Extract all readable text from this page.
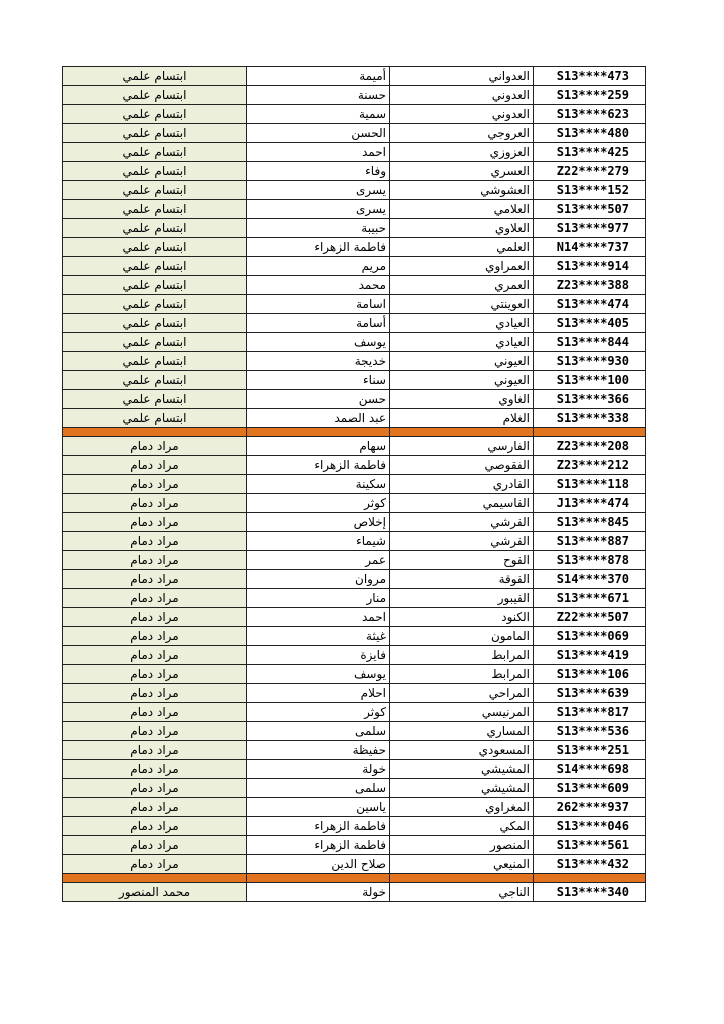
ابتسام علمي	أميمة	العدواني	S13****473
ابتسام علمي	حسنة	العدوني	S13****259
ابتسام علمي	سمية	العدوني	S13****623
ابتسام علمي	الحسن	العروجي	S13****480
ابتسام علمي	احمد	العزوزي	S13****425
ابتسام علمي	وفاء	العسري	Z22****279
ابتسام علمي	يسرى	العشوشي	S13****152
ابتسام علمي	يسرى	العلامي	S13****507
ابتسام علمي	حبيبة	العلاوي	S13****977
ابتسام علمي	فاطمة الزهراء	العلمي	N14****737
ابتسام علمي	مريم	العمراوي	S13****914
ابتسام علمي	محمد	العمري	Z23****388
ابتسام علمي	اسامة	العوينتي	S13****474
ابتسام علمي	أسامة	العيادي	S13****405
ابتسام علمي	يوسف	العيادي	S13****844
ابتسام علمي	خديجة	العيوني	S13****930
ابتسام علمي	سناء	العيوني	S13****100
ابتسام علمي	حسن	الغاوي	S13****366
ابتسام علمي	عبد الصمد	الغلام	S13****338
مراد دمام	سهام	الفارسي	Z23****208
مراد دمام	فاطمة الزهراء	الفقوصي	Z23****212
مراد دمام	سكينة	القادري	S13****118
مراد دمام	كوثر	القاسيمي	J13****474
مراد دمام	إخلاص	القرشي	S13****845
مراد دمام	شيماء	القرشي	S13****887
مراد دمام	عمر	القوح	S13****878
مراد دمام	مروان	القوقة	S14****370
مراد دمام	منار	القيبور	S13****671
مراد دمام	احمد	الكنود	Z22****507
مراد دمام	غيثة	المامون	S13****069
مراد دمام	فايزة	المرابط	S13****419
مراد دمام	يوسف	المرابط	S13****106
مراد دمام	احلام	المراحي	S13****639
مراد دمام	كوثر	المرنيسي	S13****817
مراد دمام	سلمى	المساري	S13****536
مراد دمام	حفيظة	المسعودي	S13****251
مراد دمام	خولة	المشيشي	S14****698
مراد دمام	سلمى	المشيشي	S13****609
مراد دمام	ياسين	المغراوي	262****937
مراد دمام	فاطمة الزهراء	المكي	S13****046
مراد دمام	فاطمة الزهراء	المنصور	S13****561
مراد دمام	صلاح الدين	المنيعي	S13****432
محمد المنصور	خولة	الناجي	S13****340
